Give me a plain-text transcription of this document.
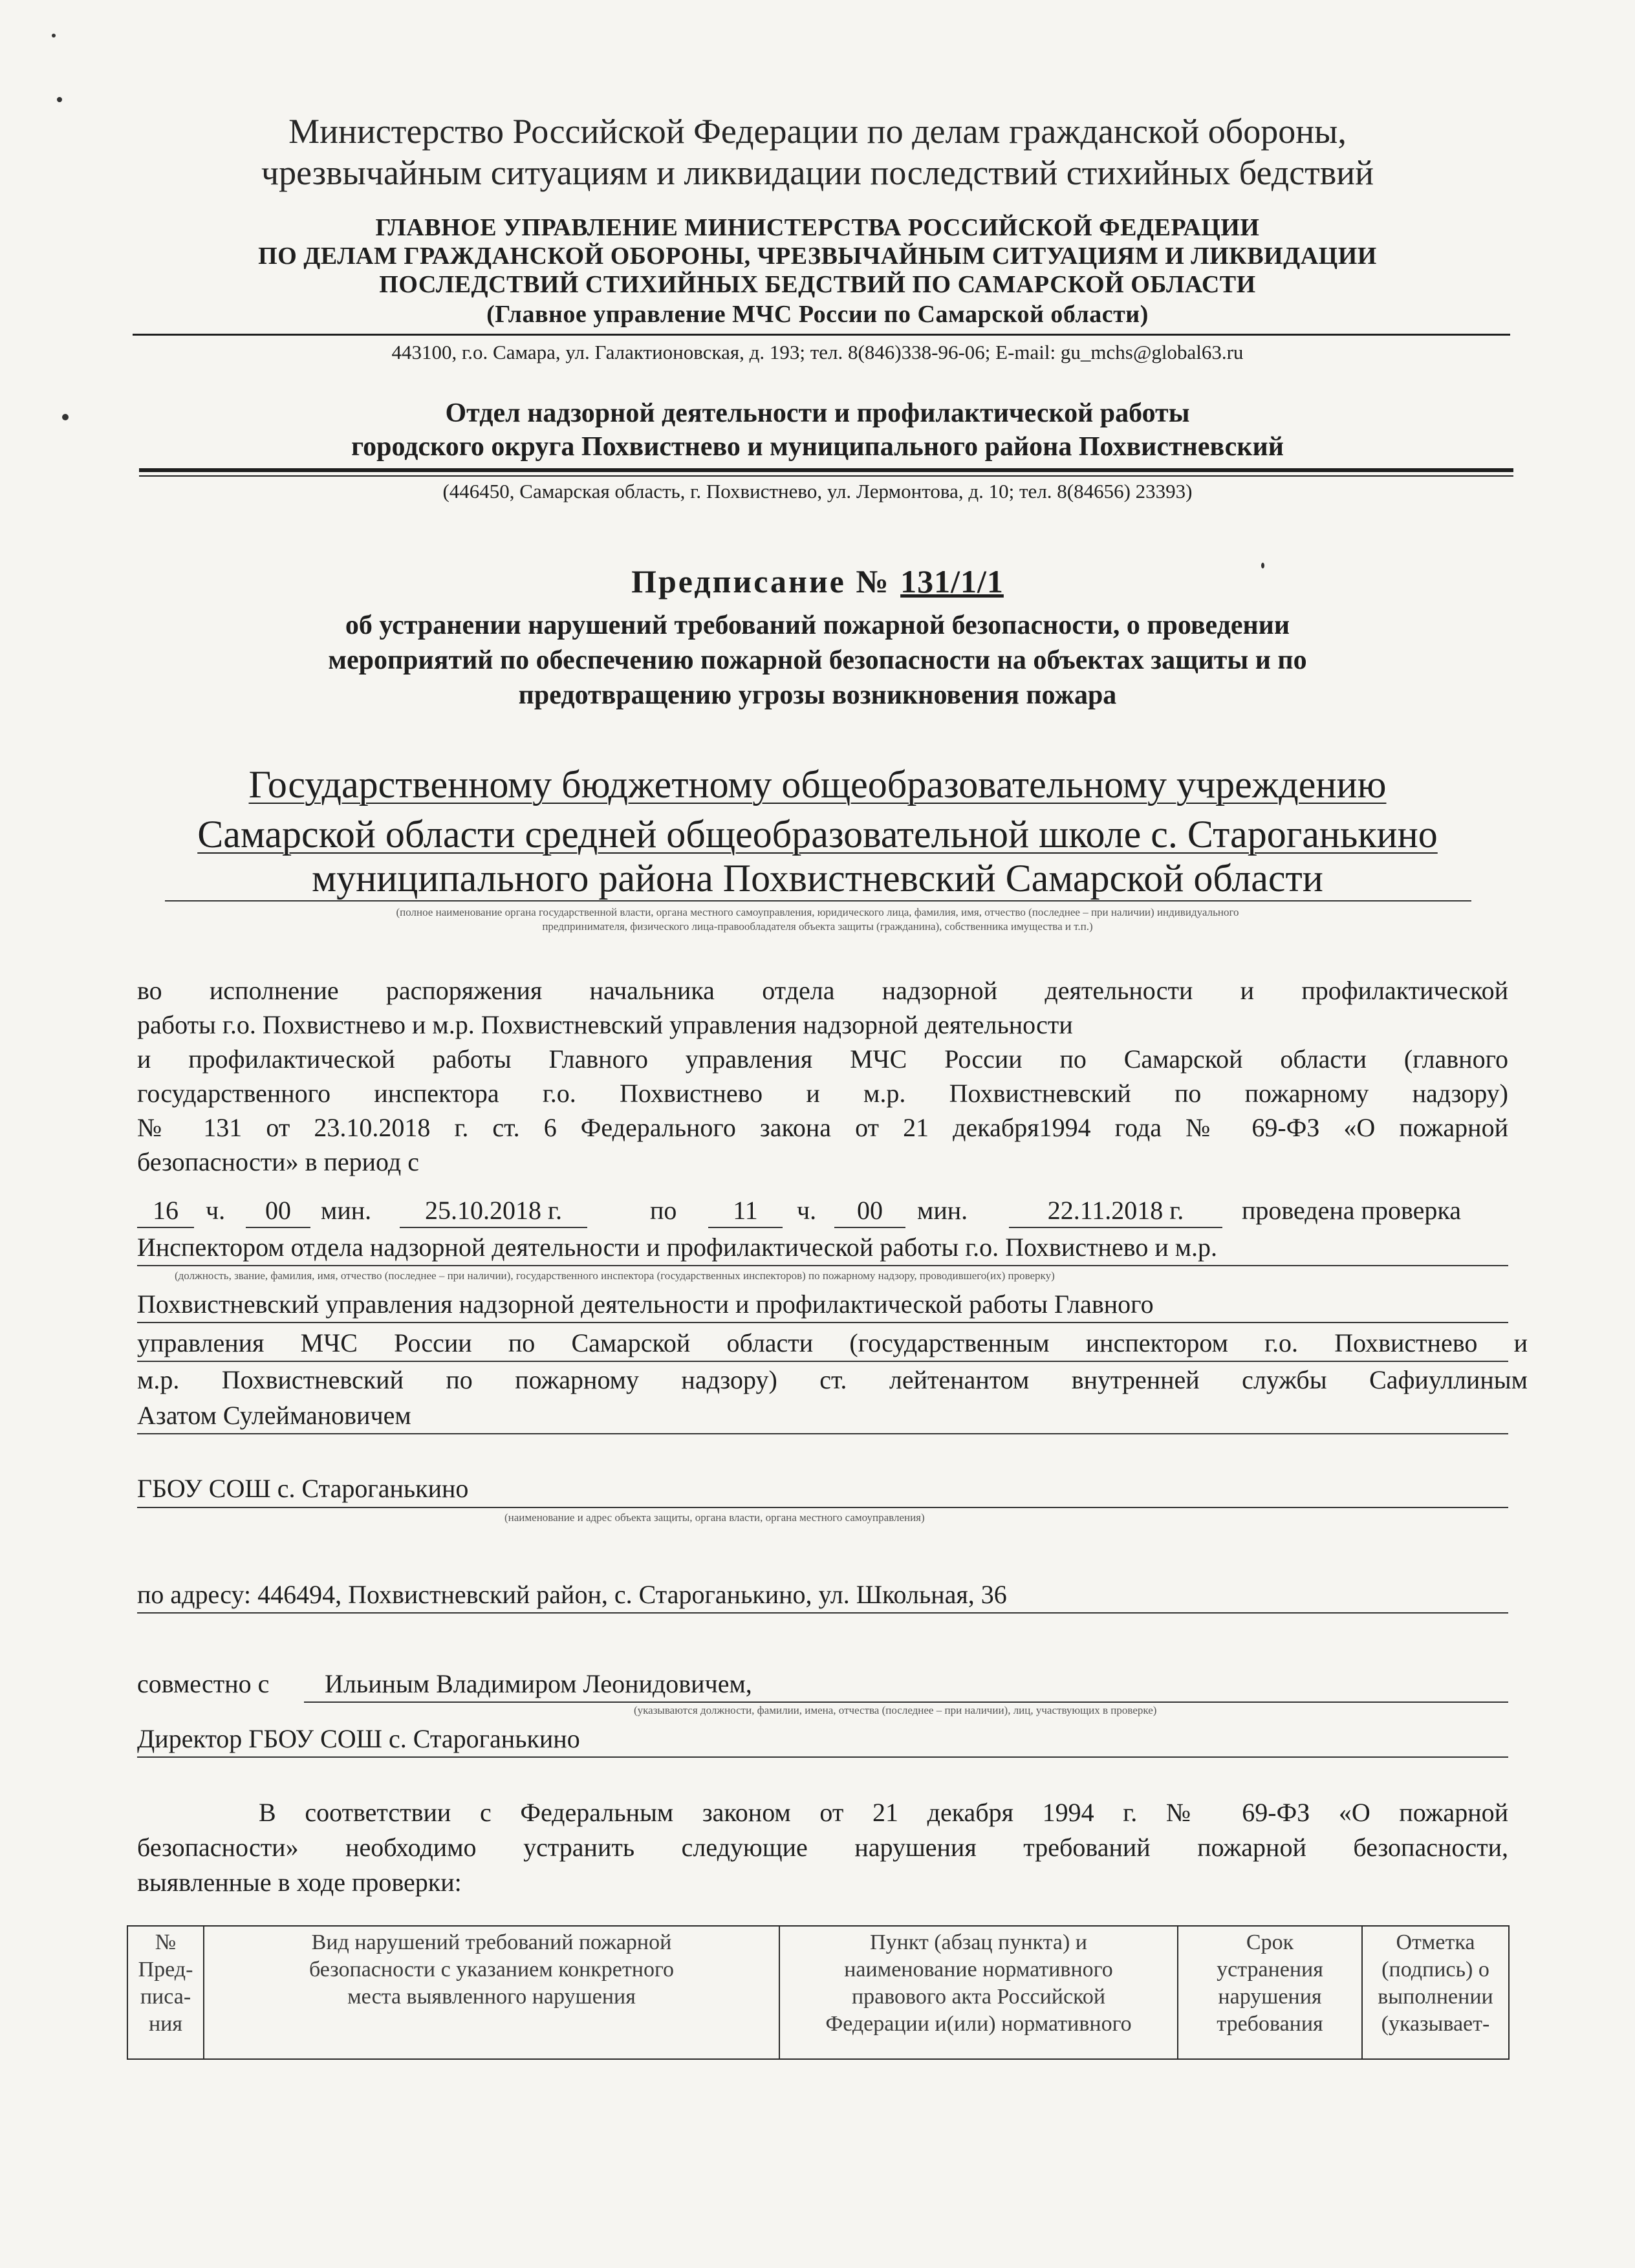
Министерство Российской Федерации по делам гражданской обороны,
чрезвычайным ситуациям и ликвидации последствий стихийных бедствий
ГЛАВНОЕ УПРАВЛЕНИЕ МИНИСТЕРСТВА РОССИЙСКОЙ ФЕДЕРАЦИИ
ПО ДЕЛАМ ГРАЖДАНСКОЙ ОБОРОНЫ, ЧРЕЗВЫЧАЙНЫМ СИТУАЦИЯМ И ЛИКВИДАЦИИ
ПОСЛЕДСТВИЙ СТИХИЙНЫХ БЕДСТВИЙ ПО САМАРСКОЙ ОБЛАСТИ
(Главное управление МЧС России по Самарской области)
443100, г.о. Самара, ул. Галактионовская, д. 193; тел. 8(846)338-96-06; E-mail: gu_mchs@global63.ru
Отдел надзорной деятельности и профилактической работы
городского округа Похвистнево и муниципального района Похвистневский
(446450, Самарская область, г. Похвистнево, ул. Лермонтова, д. 10; тел. 8(84656) 23393)
Предписание № 131/1/1
об устранении нарушений требований пожарной безопасности, о проведении
мероприятий по обеспечению пожарной безопасности на объектах защиты и по
предотвращению угрозы возникновения пожара
Государственному бюджетному общеобразовательному учреждению
Самарской области средней общеобразовательной школе с. Староганькино
муниципального района Похвистневский Самарской области
(полное наименование органа государственной власти, органа местного самоуправления, юридического лица, фамилия, имя, отчество (последнее – при наличии) индивидуального
предпринимателя, физического лица-правообладателя объекта защиты (гражданина), собственника имущества и т.п.)
во исполнение распоряжения начальника отдела надзорной деятельности и профилактической
работы г.о. Похвистнево и м.р. Похвистневский управления надзорной деятельности
и профилактической работы Главного управления МЧС России по Самарской области (главного
государственного инспектора г.о. Похвистнево и м.р. Похвистневский по пожарному надзору)
№ 131 от 23.10.2018 г. ст. 6 Федерального закона от 21 декабря1994 года № 69-ФЗ «О пожарной
безопасности» в период с
16	ч.	00	мин.	25.10.2018 г.	по	11	ч.	00	мин.	22.11.2018 г.	проведена проверка
Инспектором отдела надзорной деятельности и профилактической работы г.о. Похвистнево и м.р.
(должность, звание, фамилия, имя, отчество (последнее – при наличии), государственного инспектора (государственных инспекторов) по пожарному надзору, проводившего(их) проверку)
Похвистневский управления надзорной деятельности и профилактической работы Главного
управления МЧС России по Самарской области (государственным инспектором г.о. Похвистнево и
м.р. Похвистневский по пожарному надзору) ст. лейтенантом внутренней службы Сафиуллиным
Азатом Сулеймановичем
ГБОУ СОШ с. Староганькино
(наименование и адрес объекта защиты, органа власти, органа местного самоуправления)
по адресу: 446494, Похвистневский район, с. Староганькино, ул. Школьная, 36
совместно с Ильиным Владимиром Леонидовичем,
(указываются должности, фамилии, имена, отчества (последнее – при наличии), лиц, участвующих в проверке)
Директор ГБОУ СОШ с. Староганькино
В соответствии с Федеральным законом от 21 декабря 1994 г. № 69-ФЗ «О пожарной
безопасности» необходимо устранить следующие нарушения требований пожарной безопасности,
выявленные в ходе проверки:
№
Пред-
писа-
ния

Вид нарушений требований пожарной
безопасности с указанием конкретного
места выявленного нарушения

Пункт (абзац пункта) и
наименование нормативного
правового акта Российской
Федерации и(или) нормативного

Срок
устранения
нарушения
требования

Отметка
(подпись) о
выполнении
(указывает-
